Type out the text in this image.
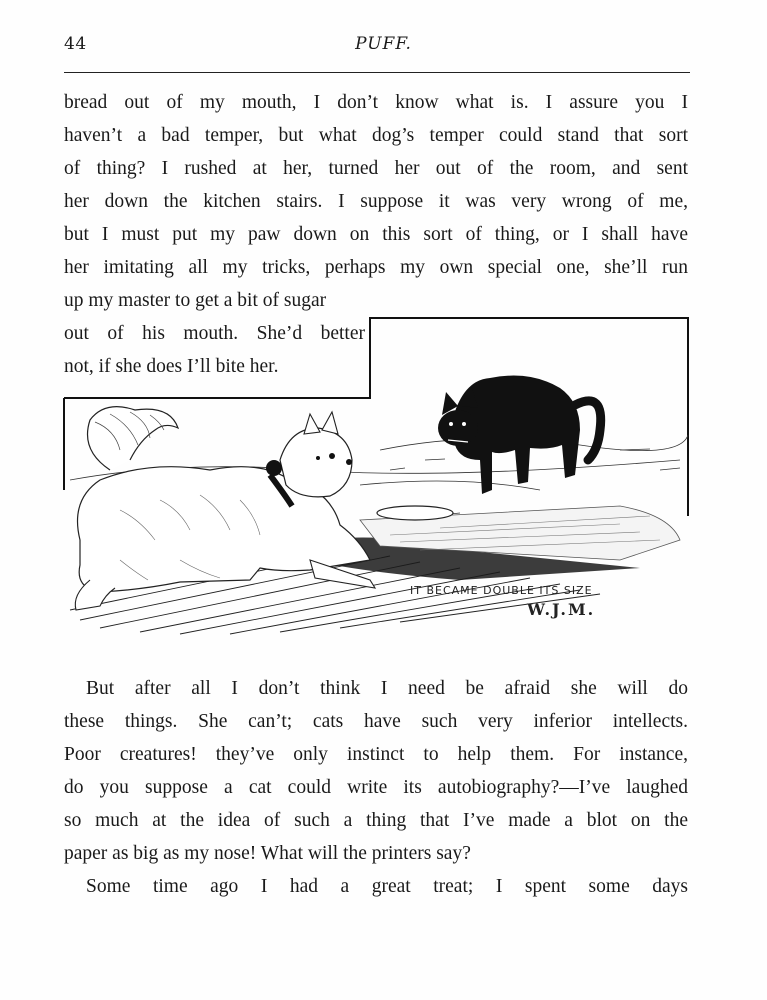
44	PUFF.
bread out of my mouth, I don’t know what is. I assure you I
haven’t a bad temper, but what dog’s temper could stand that sort
of thing? I rushed at her, turned her out of the room, and sent
her down the kitchen stairs. I suppose it was very wrong of me,
but I must put my paw down on this sort of thing, or I shall have
her imitating all my tricks, perhaps my own special one, she’ll run
up my master to get a bit of sugar
out of his mouth. She’d better
not, if she does I’ll bite her.
IT BECAME DOUBLE ITS SIZE
W.J.M.
But after all I don’t think I need be afraid she will do
these things. She can’t; cats have such very inferior intellects.
Poor creatures! they’ve only instinct to help them. For instance,
do you suppose a cat could write its autobiography?—I’ve laughed
so much at the idea of such a thing that I’ve made a blot on the
paper as big as my nose! What will the printers say?
Some time ago I had a great treat; I spent some days
